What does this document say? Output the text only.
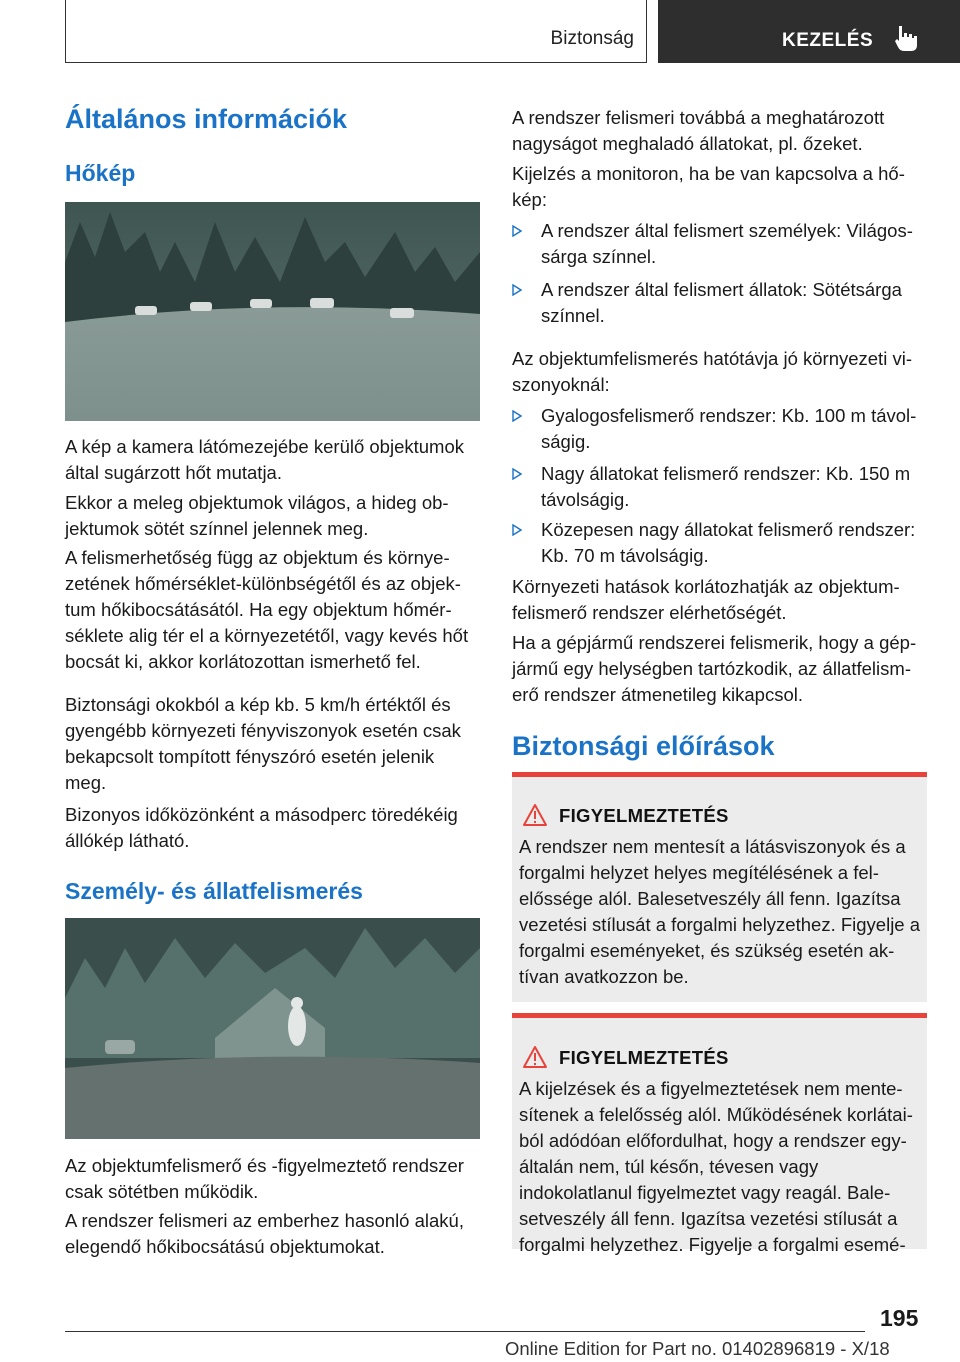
Biztonság	KEZELÉS
Általános információk
Hőkép

A kép a kamera látómezejébe kerülő objektumok által sugárzott hőt mutatja.

Ekkor a meleg objektumok világos, a hideg objektumok sötét színnel jelennek meg.

A felismerhetőség függ az objektum és környezetének hőmérséklet-különbségétől és az objektum hőkibocsátásától. Ha egy objektum hőmérséklete alig tér el a környezetétől, vagy kevés hőt bocsát ki, akkor korlátozottan ismerhető fel.

Biztonsági okokból a kép kb. 5 km/h értéktől és gyengébb környezeti fényviszonyok esetén csak bekapcsolt tompított fényszóró esetén jelenik meg.

Bizonyos időközönként a másodperc töredékéig állókép látható.

Személy- és állatfelismerés

Az objektumfelismerő és -figyelmeztető rendszer csak sötétben működik.

A rendszer felismeri az emberhez hasonló alakú, elegendő hőkibocsátású objektumokat.

A rendszer felismeri továbbá a meghatározott nagyságot meghaladó állatokat, pl. őzeket.

Kijelzés a monitoron, ha be van kapcsolva a hőkép:

A rendszer által felismert személyek: Világossárga színnel.
A rendszer által felismert állatok: Sötétsárga színnel.

Az objektumfelismerés hatótávja jó környezeti viszonyoknál:

Gyalogosfelismerő rendszer: Kb. 100 m távolságig.
Nagy állatokat felismerő rendszer: Kb. 150 m távolságig.
Közepesen nagy állatokat felismerő rendszer: Kb. 70 m távolságig.

Környezeti hatások korlátozhatják az objektumfelismerő rendszer elérhetőségét.

Ha a gépjármű rendszerei felismerik, hogy a gépjármű egy helységben tartózkodik, az állatfelismerő rendszer átmenetileg kikapcsol.

Biztonsági előírások
FIGYELMEZTETÉS
A rendszer nem mentesít a látásviszonyok és a forgalmi helyzet helyes megítélésének a felelőssége alól. Balesetveszély áll fenn. Igazítsa vezetési stílusát a forgalmi helyzethez. Figyelje a forgalmi eseményeket, és szükség esetén aktívan avatkozzon be.
FIGYELMEZTETÉS
A kijelzések és a figyelmeztetések nem mentesítenek a felelősség alól. Működésének korlátaiból adódóan előfordulhat, hogy a rendszer egyáltalán nem, túl későn, tévesen vagy indokolatlanul figyelmeztet vagy reagál. Balesetveszély áll fenn. Igazítsa vezetési stílusát a forgalmi helyzethez. Figyelje a forgalmi esemé-
195
Online Edition for Part no. 01402896819 - X/18
